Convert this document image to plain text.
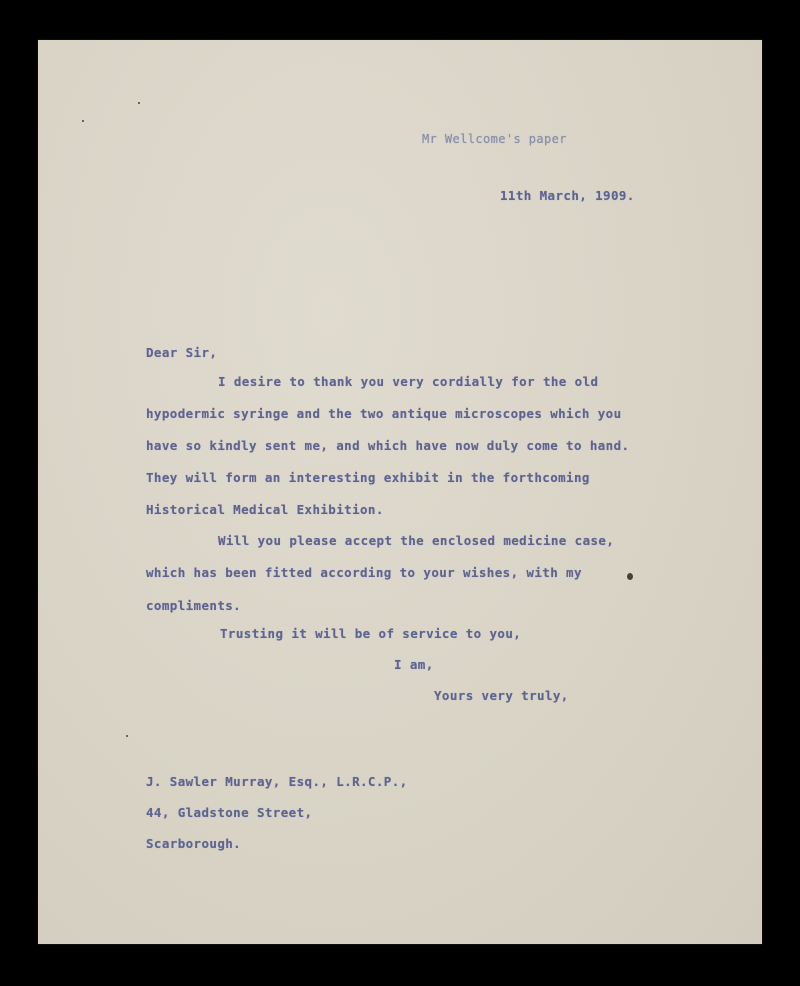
Mr Wellcome's paper

11th March, 1909.

Dear Sir,

I desire to thank you very cordially for the old

hypodermic syringe and the two antique microscopes which you

have so kindly sent me, and which have now duly come to hand.

They will form an interesting exhibit in the forthcoming

Historical Medical Exhibition.

Will you please accept the enclosed medicine case,

which has been fitted according to your wishes, with my

compliments.

Trusting it will be of service to you,

I am,

Yours very truly,

J. Sawler Murray, Esq., L.R.C.P.,

44, Gladstone Street,

Scarborough.
